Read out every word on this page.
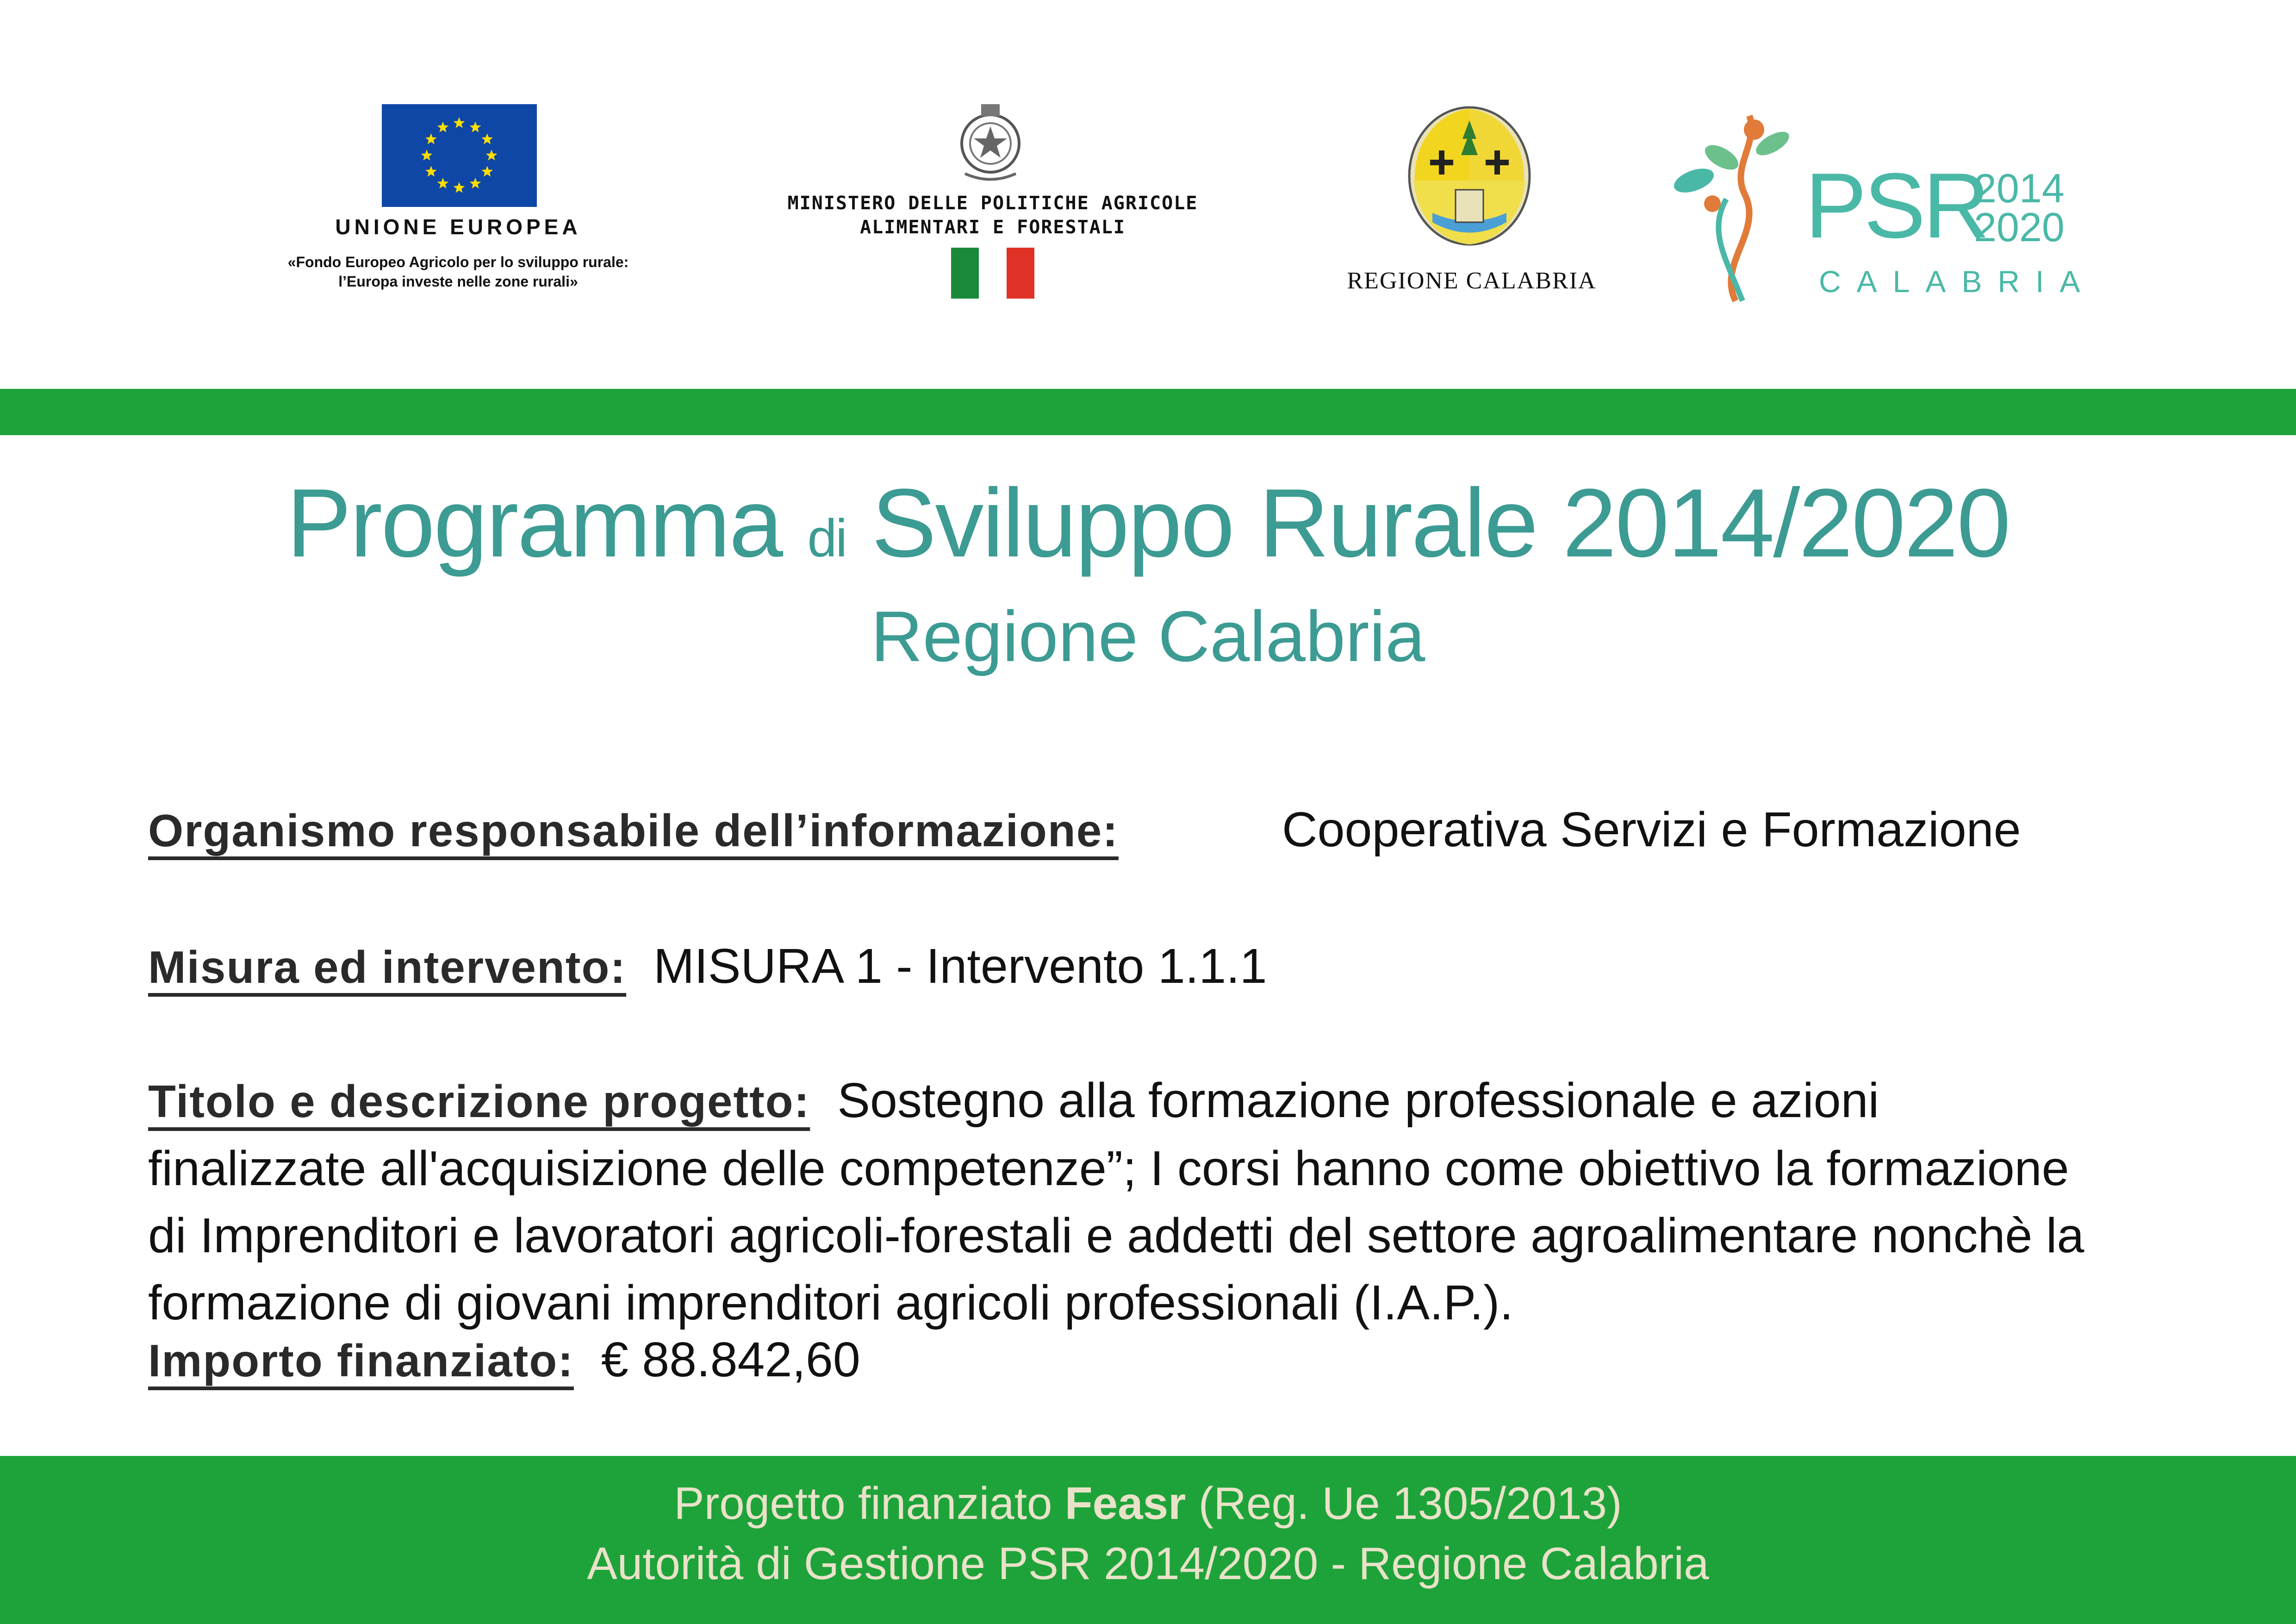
UNIONE EUROPEA
«Fondo Europeo Agricolo per lo sviluppo rurale:
l’Europa investe nelle zone rurali»
MINISTERO DELLE POLITICHE AGRICOLE
ALIMENTARI E FORESTALI
REGIONE CALABRIA
PSR
2014
2020
CALABRIA
Programma di Sviluppo Rurale 2014/2020
Regione Calabria
Organismo responsabile dell’informazione:	Cooperativa Servizi e Formazione
Misura ed intervento: MISURA 1 - Intervento 1.1.1
Titolo e descrizione progetto: Sostegno alla formazione professionale e azioni finalizzate all'acquisizione delle competenze”; I corsi hanno come obiettivo la formazione di Imprenditori e lavoratori agricoli-forestali e addetti del settore agroalimentare nonchè la formazione di giovani imprenditori agricoli professionali (I.A.P.).
Importo finanziato: € 88.842,60
Progetto finanziato Feasr (Reg. Ue 1305/2013)
Autorità di Gestione PSR 2014/2020 - Regione Calabria
